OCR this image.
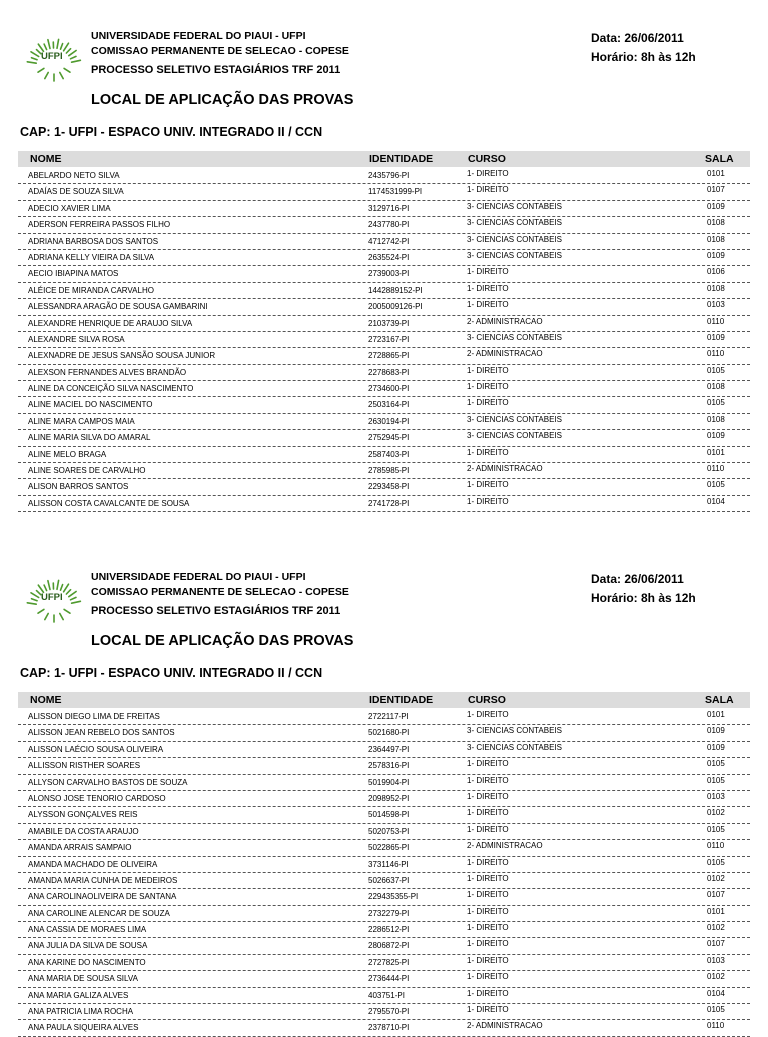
UFPI
UNIVERSIDADE FEDERAL DO PIAUI - UFPI
COMISSAO PERMANENTE DE SELECAO - COPESE
PROCESSO SELETIVO ESTAGIÁRIOS TRF 2011
Data: 26/06/2011
Horário: 8h às 12h
LOCAL DE APLICAÇÃO DAS PROVAS
CAP: 1- UFPI - ESPACO UNIV. INTEGRADO II / CCN
NOME	IDENTIDADE	CURSO	SALA
ABELARDO NETO SILVA	2435796-PI	1- DIREITO	0101
ADAÍAS DE SOUZA SILVA	1174531999-PI	1- DIREITO	0107
ADECIO XAVIER LIMA	3129716-PI	3- CIENCIAS CONTABEIS	0109
ADERSON FERREIRA PASSOS FILHO	2437780-PI	3- CIENCIAS CONTABEIS	0108
ADRIANA BARBOSA DOS SANTOS	4712742-PI	3- CIENCIAS CONTABEIS	0108
ADRIANA KELLY VIEIRA DA SILVA	2635524-PI	3- CIENCIAS CONTABEIS	0109
AECIO IBIAPINA MATOS	2739003-PI	1- DIREITO	0106
ALÉICE DE MIRANDA CARVALHO	1442889152-PI	1- DIREITO	0108
ALESSANDRA ARAGÃO DE SOUSA GAMBARINI	2005009126-PI	1- DIREITO	0103
ALEXANDRE HENRIQUE DE ARAUJO SILVA	2103739-PI	2- ADMINISTRACAO	0110
ALEXANDRE SILVA ROSA	2723167-PI	3- CIENCIAS CONTABEIS	0109
ALEXNADRE DE JESUS SANSÃO SOUSA JUNIOR	2728865-PI	2- ADMINISTRACAO	0110
ALEXSON FERNANDES ALVES BRANDÃO	2278683-PI	1- DIREITO	0105
ALINE DA CONCEIÇÃO SILVA NASCIMENTO	2734600-PI	1- DIREITO	0108
ALINE MACIEL DO NASCIMENTO	2503164-PI	1- DIREITO	0105
ALINE MARA CAMPOS MAIA	2630194-PI	3- CIENCIAS CONTABEIS	0108
ALINE MARIA SILVA DO AMARAL	2752945-PI	3- CIENCIAS CONTABEIS	0109
ALINE MELO BRAGA	2587403-PI	1- DIREITO	0101
ALINE SOARES DE CARVALHO	2785985-PI	2- ADMINISTRACAO	0110
ALISON BARROS SANTOS	2293458-PI	1- DIREITO	0105
ALISSON COSTA CAVALCANTE DE SOUSA	2741728-PI	1- DIREITO	0104
UFPI
UNIVERSIDADE FEDERAL DO PIAUI - UFPI
COMISSAO PERMANENTE DE SELECAO - COPESE
PROCESSO SELETIVO ESTAGIÁRIOS TRF 2011
Data: 26/06/2011
Horário: 8h às 12h
LOCAL DE APLICAÇÃO DAS PROVAS
CAP: 1- UFPI - ESPACO UNIV. INTEGRADO II / CCN
NOME	IDENTIDADE	CURSO	SALA
ALISSON DIEGO LIMA DE FREITAS	2722117-PI	1- DIREITO	0101
ALISSON JEAN REBELO DOS SANTOS	5021680-PI	3- CIENCIAS CONTABEIS	0109
ALISSON LAÉCIO SOUSA OLIVEIRA	2364497-PI	3- CIENCIAS CONTABEIS	0109
ALLISSON RISTHER SOARES	2578316-PI	1- DIREITO	0105
ALLYSON CARVALHO BASTOS DE SOUZA	5019904-PI	1- DIREITO	0105
ALONSO JOSE TENORIO CARDOSO	2098952-PI	1- DIREITO	0103
ALYSSON GONÇALVES REIS	5014598-PI	1- DIREITO	0102
AMABILE DA COSTA ARAUJO	5020753-PI	1- DIREITO	0105
AMANDA ARRAIS SAMPAIO	5022865-PI	2- ADMINISTRACAO	0110
AMANDA MACHADO DE OLIVEIRA	3731146-PI	1- DIREITO	0105
AMANDA MARIA CUNHA DE MEDEIROS	5026637-PI	1- DIREITO	0102
ANA CAROLINAOLIVEIRA DE SANTANA	229435355-PI	1- DIREITO	0107
ANA CAROLINE ALENCAR DE SOUZA	2732279-PI	1- DIREITO	0101
ANA CASSIA DE MORAES LIMA	2286512-PI	1- DIREITO	0102
ANA JULIA DA SILVA DE SOUSA	2806872-PI	1- DIREITO	0107
ANA KARINE DO NASCIMENTO	2727825-PI	1- DIREITO	0103
ANA MARIA DE SOUSA SILVA	2736444-PI	1- DIREITO	0102
ANA MARIA GALIZA ALVES	403751-PI	1- DIREITO	0104
ANA PATRICIA LIMA ROCHA	2795570-PI	1- DIREITO	0105
ANA PAULA SIQUEIRA ALVES	2378710-PI	2- ADMINISTRACAO	0110
